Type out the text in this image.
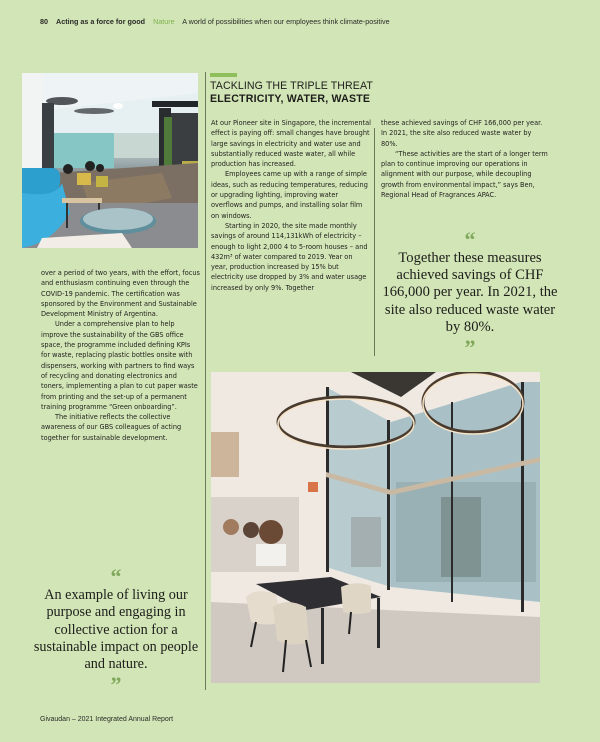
80 Acting as a force for good Nature A world of possibilities when our employees think climate-positive
TACKLING THE TRIPLE THREAT
ELECTRICITY, WATER, WASTE

At our Pioneer site in Singapore, the incremental effect is paying off: small changes have brought large savings in electricity and water use and substantially reduced waste water, all while production has increased.

Employees came up with a range of simple ideas, such as reducing temperatures, reducing or upgrading lighting, improving water overflows and pumps, and installing solar film on windows.

Starting in 2020, the site made monthly savings of around 114,131kWh of electricity – enough to light 2,000 4 to 5-room houses – and 432m³ of water compared to 2019. Year on year, production increased by 15% but electricity use dropped by 3% and water usage increased by only 9%. Together

these achieved savings of CHF 166,000 per year. In 2021, the site also reduced waste water by 80%.

“These activities are the start of a longer term plan to continue improving our operations in alignment with our purpose, while decoupling growth from environmental impact,” says Ben, Regional Head of Fragrances APAC.

“
Together these measures achieved savings of CHF 166,000 per year. In 2021, the site also reduced waste water by 80%.
”

over a period of two years, with the effort, focus and enthusiasm continuing even through the COVID-19 pandemic. The certification was sponsored by the Environment and Sustainable Development Ministry of Argentina.

Under a comprehensive plan to help improve the sustainability of the GBS office space, the programme included defining KPIs for waste, replacing plastic bottles onsite with dispensers, working with partners to find ways of recycling and donating electronics and toners, implementing a plan to cut paper waste from printing and the set-up of a permanent training programme “Green onboarding”.

The initiative reflects the collective awareness of our GBS colleagues of acting together for sustainable development.

“
An example of living our purpose and engaging in collective action for a sustainable impact on people and nature.
”
Givaudan – 2021 Integrated Annual Report
